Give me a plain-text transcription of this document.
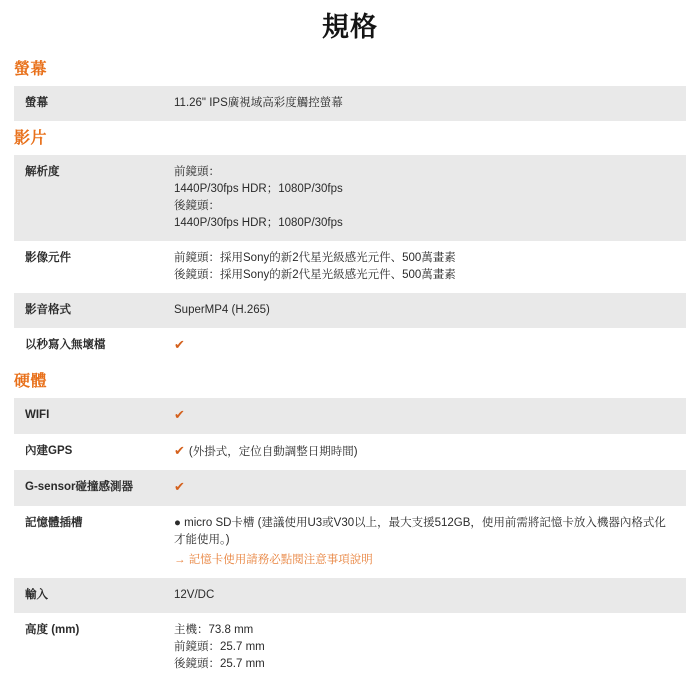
規格
螢幕
螢幕	11.26" IPS廣視域高彩度觸控螢幕
影片
解析度	前鏡頭：
1440P/30fps HDR；1080P/30fps
後鏡頭：
1440P/30fps HDR；1080P/30fps

影像元件	前鏡頭：採用Sony的新2代星光級感光元件、500萬畫素
後鏡頭：採用Sony的新2代星光級感光元件、500萬畫素

影音格式	SuperMP4 (H.265)

以秒寫入無壞檔	✔
硬體
WIFI	✔
內建GPS	✔ (外掛式，定位自動調整日期時間)
G-sensor碰撞感測器	✔
記憶體插槽	● micro SD卡槽 (建議使用U3或V30以上，最大支援512GB，使用前需將記憶卡放入機器內格式化才能使用。)
→ 記憶卡使用請務必點閱注意事項說明

輸入	12V/DC

高度 (mm)	主機：73.8 mm
前鏡頭：25.7 mm
後鏡頭：25.7 mm
